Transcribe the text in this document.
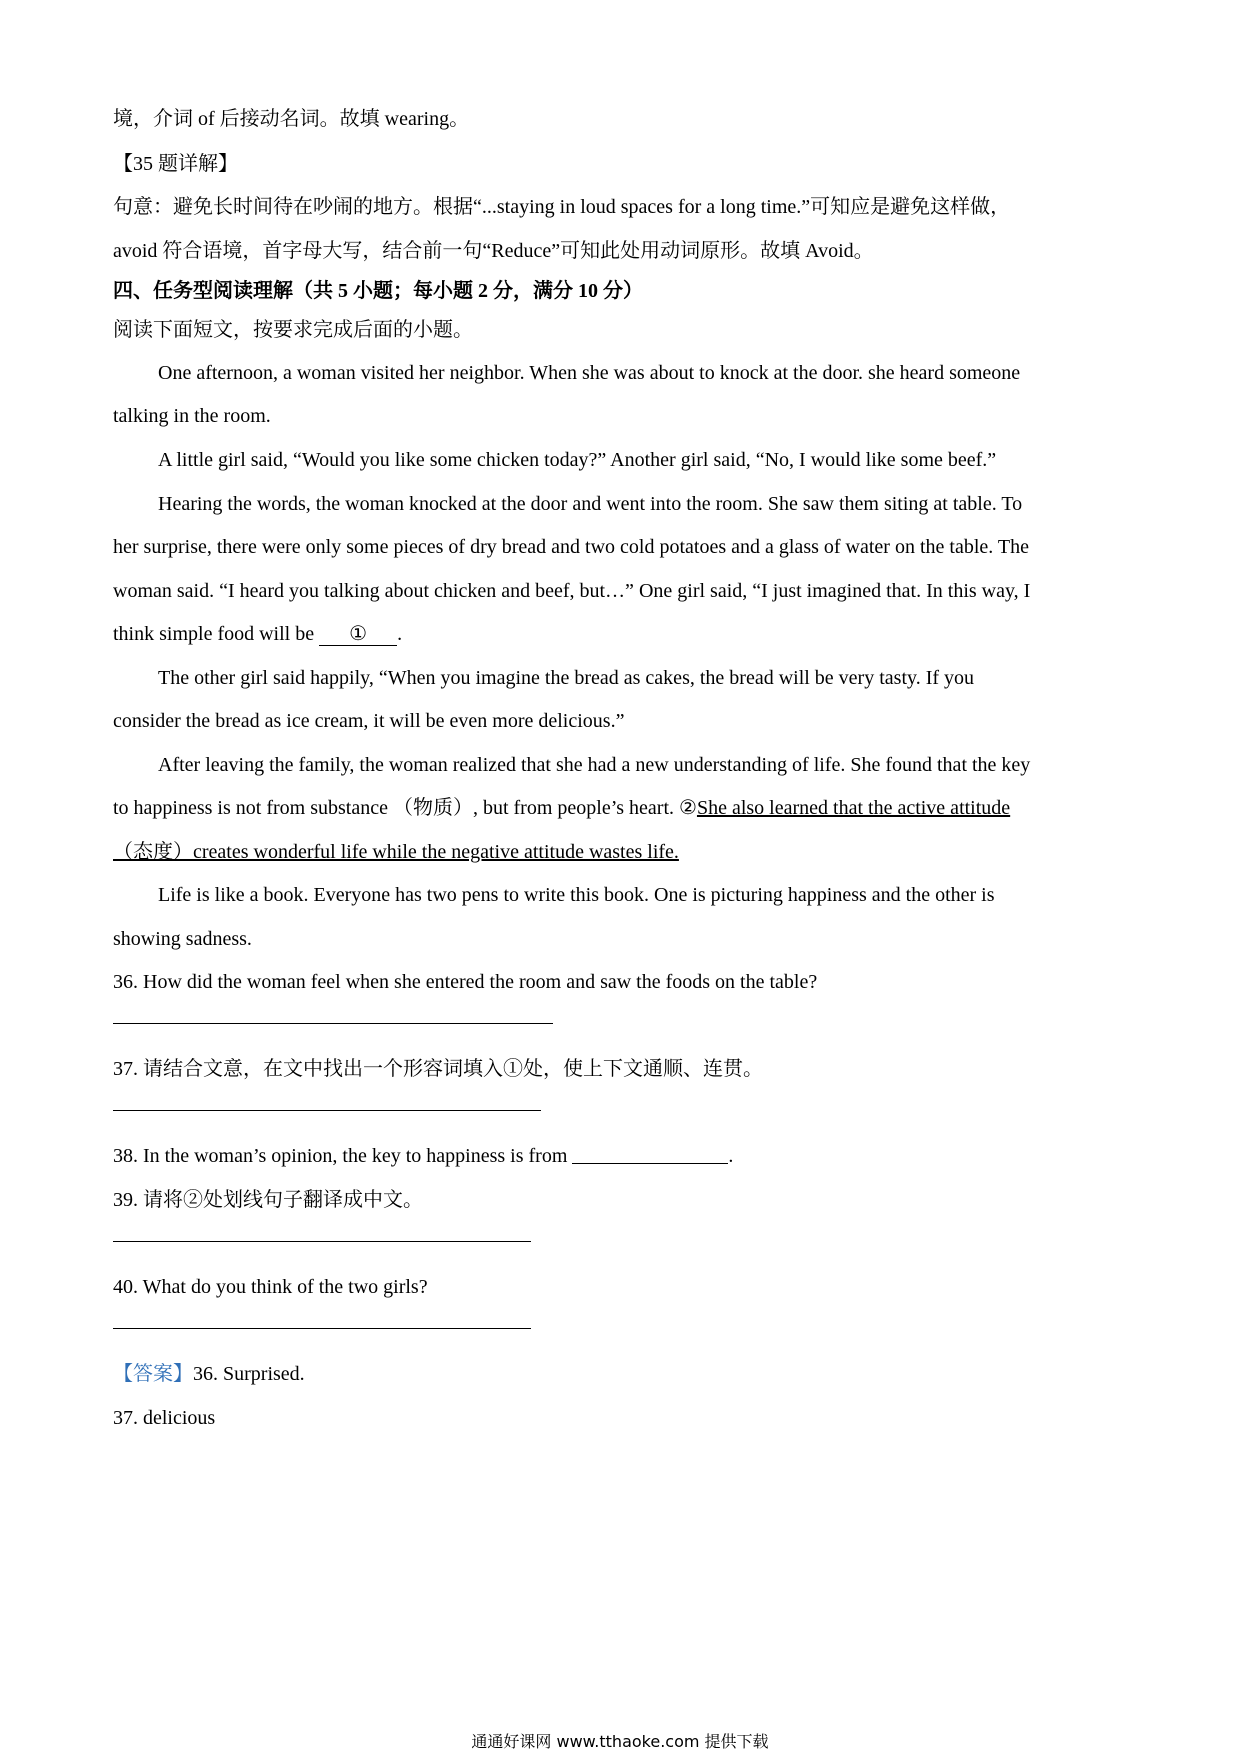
境，介词 of 后接动名词。故填 wearing。
【35 题详解】
句意：避免长时间待在吵闹的地方。根据“...staying in loud spaces for a long time.”可知应是避免这样做，
avoid 符合语境，首字母大写，结合前一句“Reduce”可知此处用动词原形。故填 Avoid。
四、任务型阅读理解（共 5 小题；每小题 2 分，满分 10 分）
阅读下面短文，按要求完成后面的小题。
One afternoon, a woman visited her neighbor. When she was about to knock at the door. she heard someone
talking in the room.
A little girl said, “Would you like some chicken today?” Another girl said, “No, I would like some beef.”
Hearing the words, the woman knocked at the door and went into the room. She saw them siting at table. To
her surprise, there were only some pieces of dry bread and two cold potatoes and a glass of water on the table. The
woman said. “I heard you talking about chicken and beef, but…” One girl said, “I just imagined that. In this way, I
think simple food will be ① .
The other girl said happily, “When you imagine the bread as cakes, the bread will be very tasty. If you
consider the bread as ice cream, it will be even more delicious.”
After leaving the family, the woman realized that she had a new understanding of life. She found that the key
to happiness is not from substance （物质）, but from people’s heart. ②She also learned that the active attitude
（态度）creates wonderful life while the negative attitude wastes life.
Life is like a book. Everyone has two pens to write this book. One is picturing happiness and the other is
showing sadness.
36. How did the woman feel when she entered the room and saw the foods on the table?
37. 请结合文意，在文中找出一个形容词填入①处，使上下文通顺、连贯。
38. In the woman’s opinion, the key to happiness is from	.
39. 请将②处划线句子翻译成中文。
40. What do you think of the two girls?
【答案】36. Surprised.
37. delicious
通通好课网 www.tthaoke.com 提供下载
